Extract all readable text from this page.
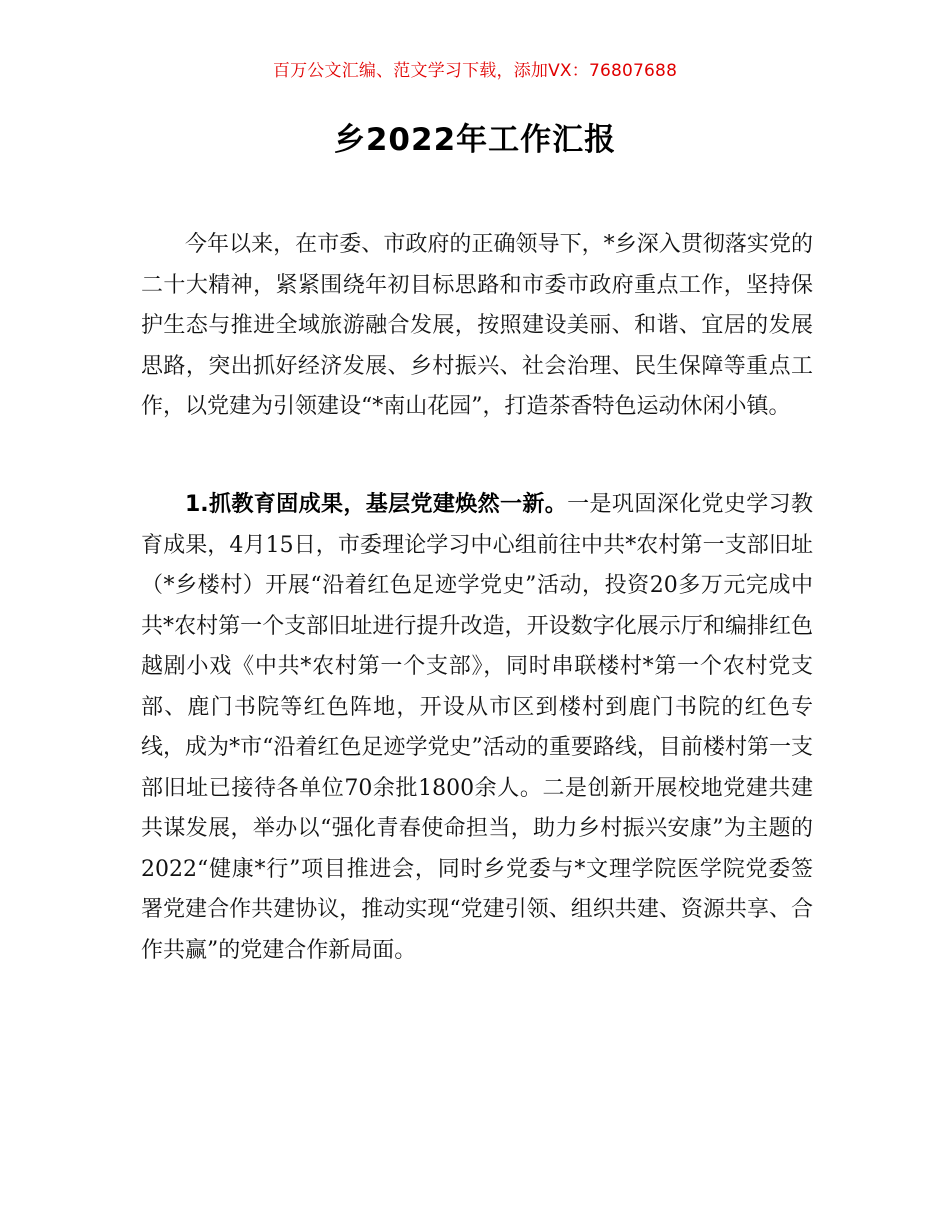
百万公文汇编、范文学习下载，添加VX：76807688
乡2022年工作汇报

今年以来，在市委、市政府的正确领导下，*乡深入贯彻落实党的二十大精神，紧紧围绕年初目标思路和市委市政府重点工作，坚持保护生态与推进全域旅游融合发展，按照建设美丽、和谐、宜居的发展思路，突出抓好经济发展、乡村振兴、社会治理、民生保障等重点工作，以党建为引领建设“*南山花园”，打造茶香特色运动休闲小镇。

1.抓教育固成果，基层党建焕然一新。一是巩固深化党史学习教育成果，4月15日，市委理论学习中心组前往中共*农村第一支部旧址（*乡楼村）开展“沿着红色足迹学党史”活动，投资20多万元完成中共*农村第一个支部旧址进行提升改造，开设数字化展示厅和编排红色越剧小戏《中共*农村第一个支部》，同时串联楼村*第一个农村党支部、鹿门书院等红色阵地，开设从市区到楼村到鹿门书院的红色专线，成为*市“沿着红色足迹学党史”活动的重要路线，目前楼村第一支部旧址已接待各单位70余批1800余人。二是创新开展校地党建共建共谋发展，举办以“强化青春使命担当，助力乡村振兴安康”为主题的2022“健康*行”项目推进会，同时乡党委与*文理学院医学院党委签署党建合作共建协议，推动实现“党建引领、组织共建、资源共享、合作共赢”的党建合作新局面。
